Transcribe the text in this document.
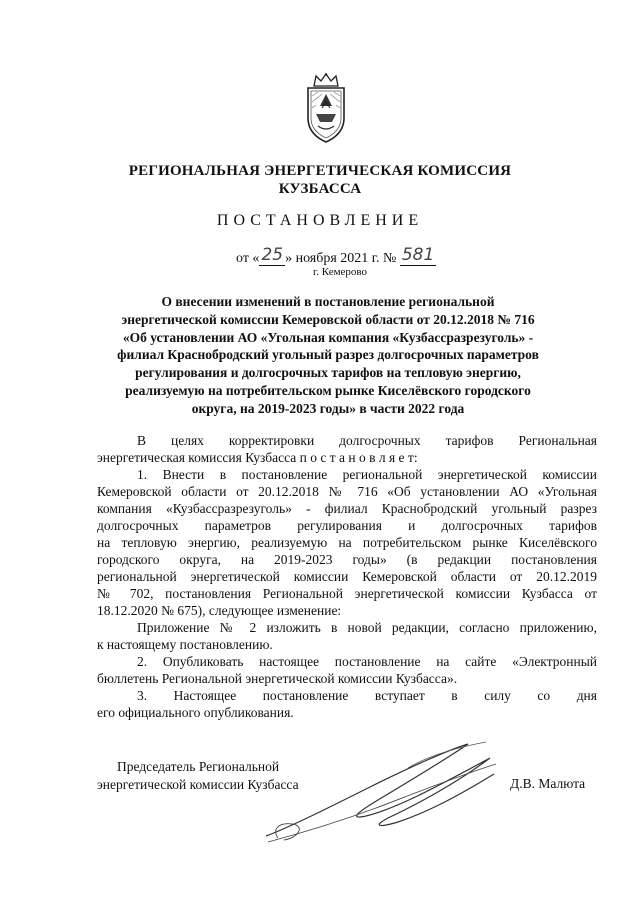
РЕГИОНАЛЬНАЯ ЭНЕРГЕТИЧЕСКАЯ КОМИССИЯ
КУЗБАССА
ПОСТАНОВЛЕНИЕ
от « 25 » ноября 2021 г. № 581
г. Кемерово
О внесении изменений в постановление региональной
энергетической комиссии Кемеровской области от 20.12.2018 № 716
«Об установлении АО «Угольная компания «Кузбассразрезуголь» -
филиал Краснобродский угольный разрез долгосрочных параметров
регулирования и долгосрочных тарифов на тепловую энергию,
реализуемую на потребительском рынке Киселёвского городского
округа, на 2019-2023 годы» в части 2022 года
В целях корректировки долгосрочных тарифов Региональная
энергетическая комиссия Кузбасса п о с т а н о в л я е т:
1. Внести в постановление региональной энергетической комиссии
Кемеровской области от 20.12.2018 № 716 «Об установлении АО «Угольная
компания «Кузбассразрезуголь» - филиал Краснобродский угольный разрез
долгосрочных параметров регулирования и долгосрочных тарифов
на тепловую энергию, реализуемую на потребительском рынке Киселёвского
городского округа, на 2019-2023 годы» (в редакции постановления
региональной энергетической комиссии Кемеровской области от 20.12.2019
№ 702, постановления Региональной энергетической комиссии Кузбасса от
18.12.2020 № 675), следующее изменение:
Приложение № 2 изложить в новой редакции, согласно приложению,
к настоящему постановлению.
2. Опубликовать настоящее постановление на сайте «Электронный
бюллетень Региональной энергетической комиссии Кузбасса».
3. Настоящее постановление вступает в силу со дня
его официального опубликования.
Председатель Региональной
энергетической комиссии Кузбасса	Д.В. Малюта
